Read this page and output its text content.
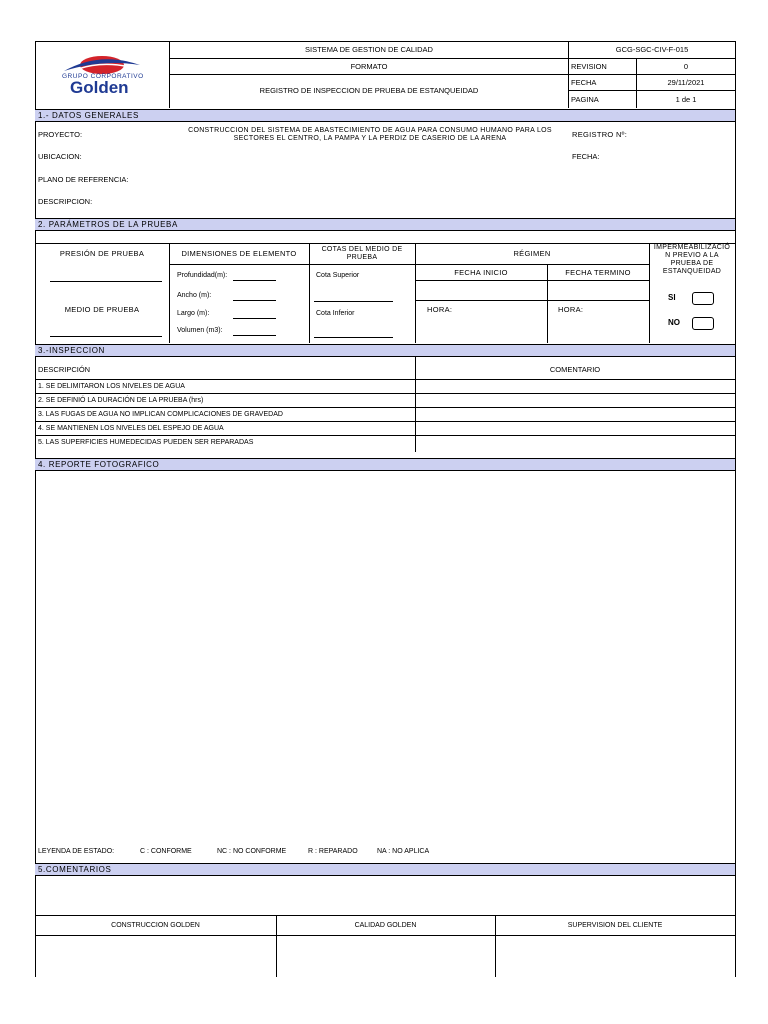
GRUPO CORPORATIVO
Golden
SISTEMA DE GESTION DE CALIDAD
FORMATO
REGISTRO DE INSPECCION DE PRUEBA DE ESTANQUEIDAD
GCG-SGC-CIV-F-015
REVISION	0
FECHA	29/11/2021
PAGINA	1 de 1
1.- DATOS GENERALES
PROYECTO:	CONSTRUCCION DEL SISTEMA DE ABASTECIMIENTO DE AGUA PARA CONSUMO HUMANO PARA LOS
SECTORES EL CENTRO, LA PAMPA Y LA PERDIZ DE CASERIO DE LA ARENA	REGISTRO Nº:
UBICACION:	FECHA:
PLANO DE REFERENCIA:
DESCRIPCION:
2. PARÁMETROS DE LA PRUEBA
PRESIÓN DE PRUEBA
MEDIO DE PRUEBA
DIMENSIONES DE ELEMENTO
Profundidad(m):
Ancho (m):
Largo (m):
Volumen (m3):
COTAS DEL MEDIO DE
PRUEBA
Cota Superior
Cota Inferior
RÉGIMEN
FECHA INICIO	FECHA TERMINO
HORA:	HORA:
IMPERMEABILIZACIÓ
N PREVIO A LA
PRUEBA DE
ESTANQUEIDAD
SI
NO
3.-INSPECCION
DESCRIPCIÓN	COMENTARIO
1. SE DELIMITARON LOS NIVELES DE AGUA
2. SE DEFINIÓ LA DURACIÓN DE LA PRUEBA (hrs)
3. LAS FUGAS DE AGUA NO IMPLICAN COMPLICACIONES DE GRAVEDAD
4. SE MANTIENEN LOS NIVELES DEL ESPEJO DE AGUA
5. LAS SUPERFICIES HUMEDECIDAS PUEDEN SER REPARADAS
4. REPORTE FOTOGRAFICO
LEYENDA DE ESTADO:	C : CONFORME	NC : NO CONFORME	R : REPARADO	NA : NO APLICA
5.COMENTARIOS
CONSTRUCCION GOLDEN	CALIDAD GOLDEN	SUPERVISION DEL CLIENTE
